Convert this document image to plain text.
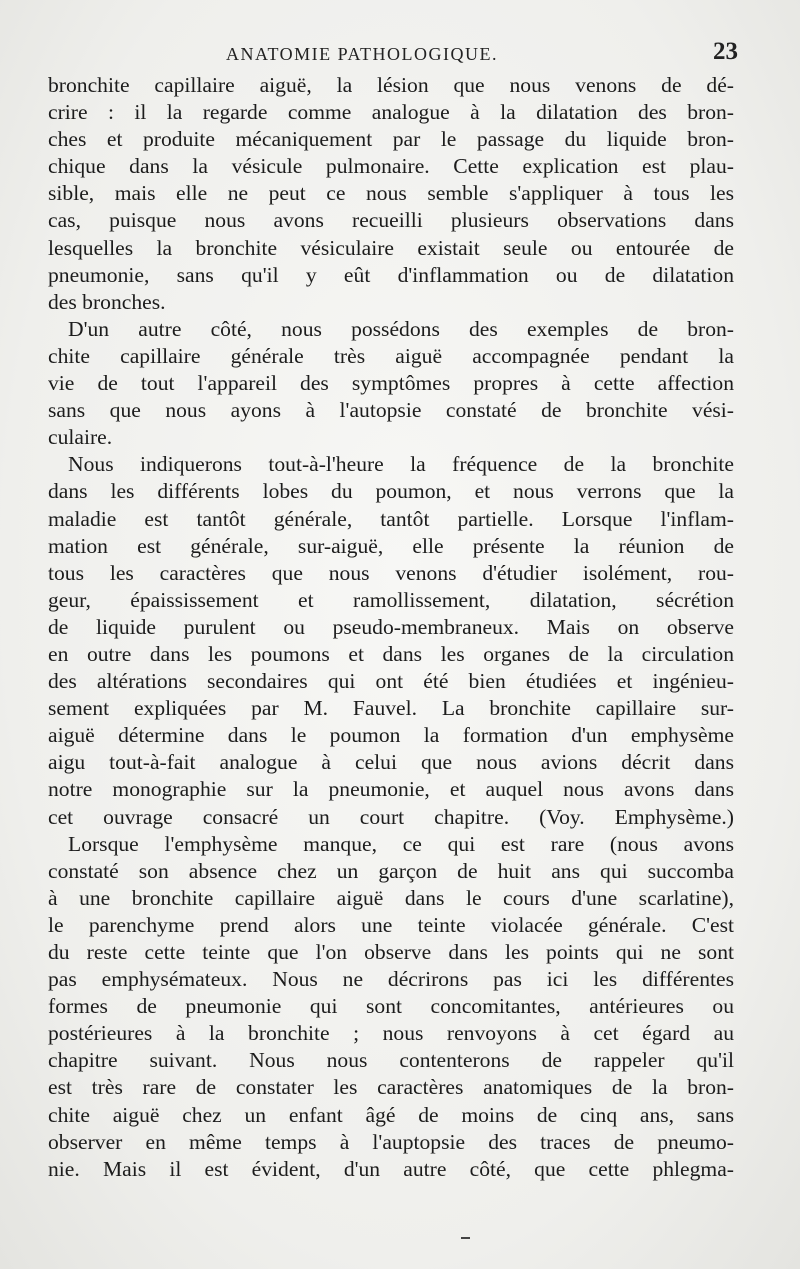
ANATOMIE PATHOLOGIQUE.	23
bronchite capillaire aiguë, la lésion que nous venons de dé-
crire : il la regarde comme analogue à la dilatation des bron-
ches et produite mécaniquement par le passage du liquide bron-
chique dans la vésicule pulmonaire. Cette explication est plau-
sible, mais elle ne peut ce nous semble s'appliquer à tous les
cas, puisque nous avons recueilli plusieurs observations dans
lesquelles la bronchite vésiculaire existait seule ou entourée de
pneumonie, sans qu'il y eût d'inflammation ou de dilatation
des bronches.
D'un autre côté, nous possédons des exemples de bron-
chite capillaire générale très aiguë accompagnée pendant la
vie de tout l'appareil des symptômes propres à cette affection
sans que nous ayons à l'autopsie constaté de bronchite vési-
culaire.
Nous indiquerons tout-à-l'heure la fréquence de la bronchite
dans les différents lobes du poumon, et nous verrons que la
maladie est tantôt générale, tantôt partielle. Lorsque l'inflam-
mation est générale, sur-aiguë, elle présente la réunion de
tous les caractères que nous venons d'étudier isolément, rou-
geur, épaississement et ramollissement, dilatation, sécrétion
de liquide purulent ou pseudo-membraneux. Mais on observe
en outre dans les poumons et dans les organes de la circulation
des altérations secondaires qui ont été bien étudiées et ingénieu-
sement expliquées par M. Fauvel. La bronchite capillaire sur-
aiguë détermine dans le poumon la formation d'un emphysème
aigu tout-à-fait analogue à celui que nous avions décrit dans
notre monographie sur la pneumonie, et auquel nous avons dans
cet ouvrage consacré un court chapitre. (Voy. Emphysème.)
Lorsque l'emphysème manque, ce qui est rare (nous avons
constaté son absence chez un garçon de huit ans qui succomba
à une bronchite capillaire aiguë dans le cours d'une scarlatine),
le parenchyme prend alors une teinte violacée générale. C'est
du reste cette teinte que l'on observe dans les points qui ne sont
pas emphysémateux. Nous ne décrirons pas ici les différentes
formes de pneumonie qui sont concomitantes, antérieures ou
postérieures à la bronchite ; nous renvoyons à cet égard au
chapitre suivant. Nous nous contenterons de rappeler qu'il
est très rare de constater les caractères anatomiques de la bron-
chite aiguë chez un enfant âgé de moins de cinq ans, sans
observer en même temps à l'auptopsie des traces de pneumo-
nie. Mais il est évident, d'un autre côté, que cette phlegma-
